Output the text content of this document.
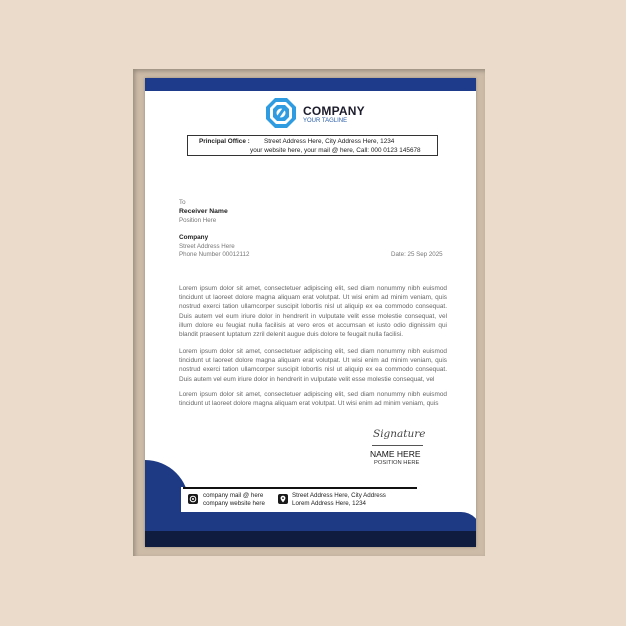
COMPANY
YOUR TAGLINE
Principal Office : Street Address Here, City Address Here, 1234
your website here, your mail @ here, Call: 000 0123 145678
To
Receiver Name
Position Here
Company
Street Address Here
Phone Number 00012112	Date: 25 Sep 2025
Lorem ipsum dolor sit amet, consectetuer adipiscing elit, sed diam nonummy nibh euismod tincidunt ut laoreet dolore magna aliquam erat volutpat. Ut wisi enim ad minim veniam, quis nostrud exerci tation ullamcorper suscipit lobortis nisl ut aliquip ex ea commodo consequat. Duis autem vel eum iriure dolor in hendrerit in vulputate velit esse molestie consequat, vel illum dolore eu feugiat nulla facilisis at vero eros et accumsan et iusto odio dignissim qui blandit praesent luptatum zzril delenit augue duis dolore te feugait nulla facilisi.
Lorem ipsum dolor sit amet, consectetuer adipiscing elit, sed diam nonummy nibh euismod tincidunt ut laoreet dolore magna aliquam erat volutpat. Ut wisi enim ad minim veniam, quis nostrud exerci tation ullamcorper suscipit lobortis nisl ut aliquip ex ea commodo consequat. Duis autem vel eum iriure dolor in hendrerit in vulputate velit esse molestie consequat, vel
Lorem ipsum dolor sit amet, consectetuer adipiscing elit, sed diam nonummy nibh euismod tincidunt ut laoreet dolore magna aliquam erat volutpat. Ut wisi enim ad minim veniam, quis
Signature
NAME HERE
POSITION HERE
company mail @ here
company website here
Street Address Here, City Address
Lorem Address Here, 1234
